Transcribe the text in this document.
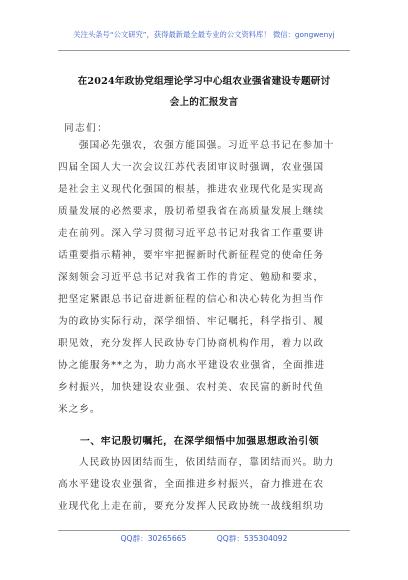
关注头条号“公文研究”，获得最新最全最专业的公文资料库！ 微信：gongwenyj
在2024年政协党组理论学习中心组农业强省建设专题研讨
会上的汇报发言
同志们：
强国必先强农，农强方能国强。习近平总书记在参加十
四届全国人大一次会议江苏代表团审议时强调，农业强国
是社会主义现代化强国的根基，推进农业现代化是实现高
质量发展的必然要求，殷切希望我省在高质量发展上继续
走在前列。深入学习贯彻习近平总书记对我省工作重要讲
话重要指示精神，要牢牢把握新时代新征程党的使命任务
深刻领会习近平总书记对我省工作的肯定、勉励和要求，
把坚定紧跟总书记奋进新征程的信心和决心转化为担当作
为的政协实际行动，深学细悟、牢记嘱托，科学指引、履
职见效，充分发挥人民政协专门协商机构作用，着力以政
协之能服务**之为，助力高水平建设农业强省，全面推进
乡村振兴，加快建设农业强、农村美、农民富的新时代鱼
米之乡。
一、牢记殷切嘱托，在深学细悟中加强思想政治引领
人民政协因团结而生，依团结而存，靠团结而兴。助力
高水平建设农业强省，全面推进乡村振兴，奋力推进在农
业现代化上走在前，要充分发挥人民政协统一战线组织功
QQ群：30265665	QQ群：535304092
